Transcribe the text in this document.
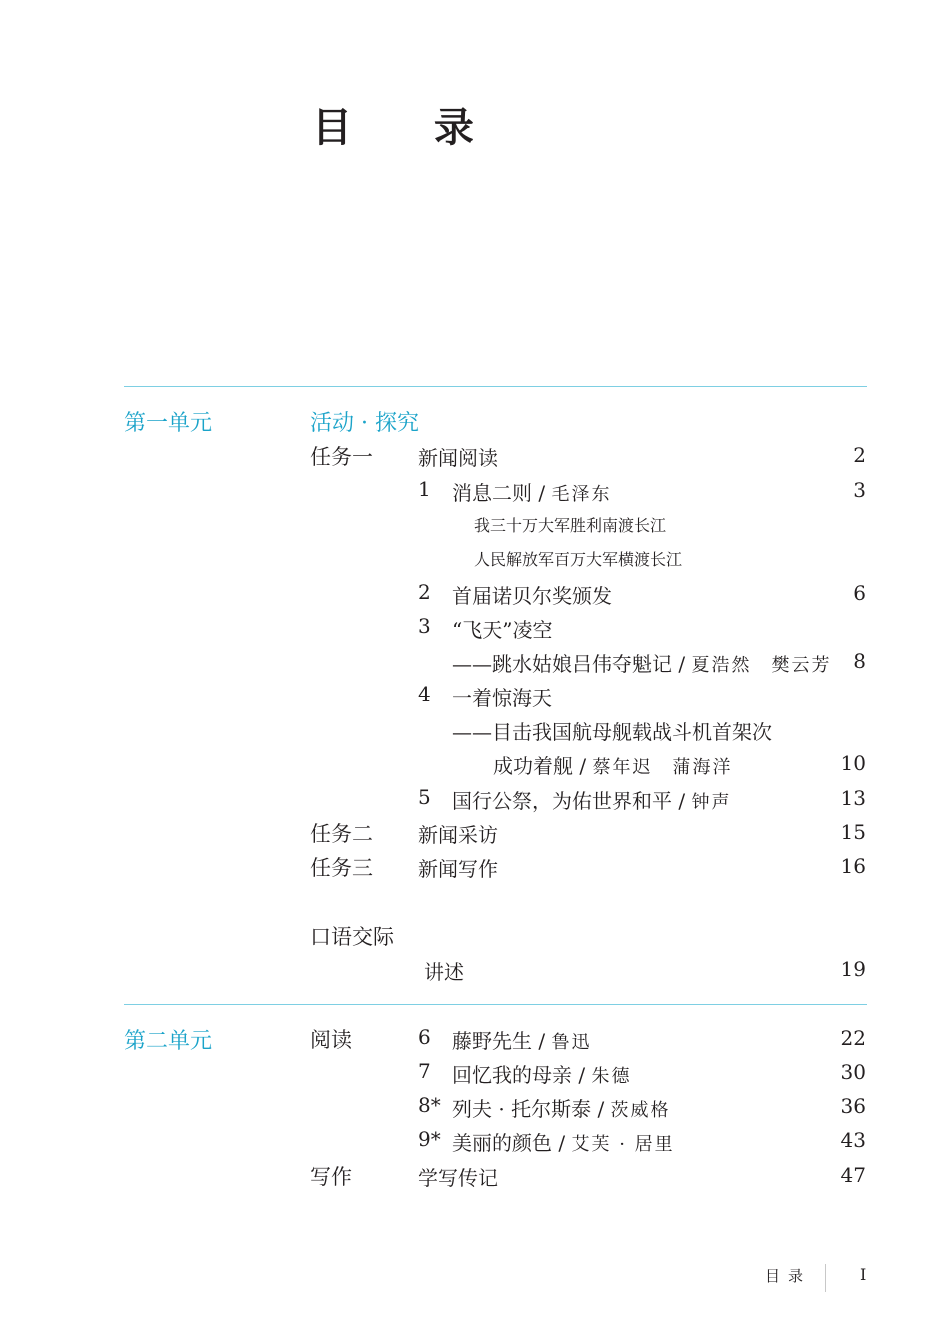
目 录
第一单元	活动 · 探究
任务一 新闻阅读	2
1 消息二则 / 毛泽东	3
我三十万大军胜利南渡长江
人民解放军百万大军横渡长江
2 首届诺贝尔奖颁发	6
3 “飞天”凌空
——跳水姑娘吕伟夺魁记 / 夏浩然　樊云芳 8
4 一着惊海天
——目击我国航母舰载战斗机首架次
成功着舰 / 蔡年迟　蒲海洋	10
5 国行公祭，为佑世界和平 / 钟声	13
任务二 新闻采访	15
任务三 新闻写作	16
口语交际
讲述	19
第二单元	阅读	6 藤野先生 / 鲁迅	22
7 回忆我的母亲 / 朱德	30
8* 列夫 · 托尔斯泰 / 茨威格	36
9* 美丽的颜色 / 艾芙 · 居里	43
写作	学写传记	47
目录	I
